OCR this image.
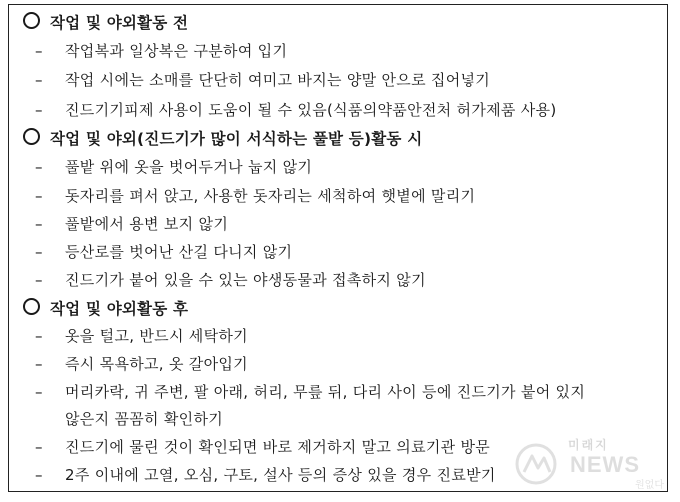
작업 및 야외활동 전
– 작업복과 일상복은 구분하여 입기
– 작업 시에는 소매를 단단히 여미고 바지는 양말 안으로 집어넣기
– 진드기기피제 사용이 도움이 될 수 있음(식품의약품안전처 허가제품 사용)
작업 및 야외(진드기가 많이 서식하는 풀밭 등)활동 시
– 풀밭 위에 옷을 벗어두거나 눕지 않기
– 돗자리를 펴서 앉고, 사용한 돗자리는 세척하여 햇볕에 말리기
– 풀밭에서 용변 보지 않기
– 등산로를 벗어난 산길 다니지 않기
– 진드기가 붙어 있을 수 있는 야생동물과 접촉하지 않기
작업 및 야외활동 후
– 옷을 털고, 반드시 세탁하기
– 즉시 목욕하고, 옷 갈아입기
– 머리카락, 귀 주변, 팔 아래, 허리, 무릎 뒤, 다리 사이 등에 진드기가 붙어 있지
않은지 꼼꼼히 확인하기
– 진드기에 물린 것이 확인되면 바로 제거하지 말고 의료기관 방문
– 2주 이내에 고열, 오심, 구토, 설사 등의 증상 있을 경우 진료받기
미래지
NEWS
원없다
